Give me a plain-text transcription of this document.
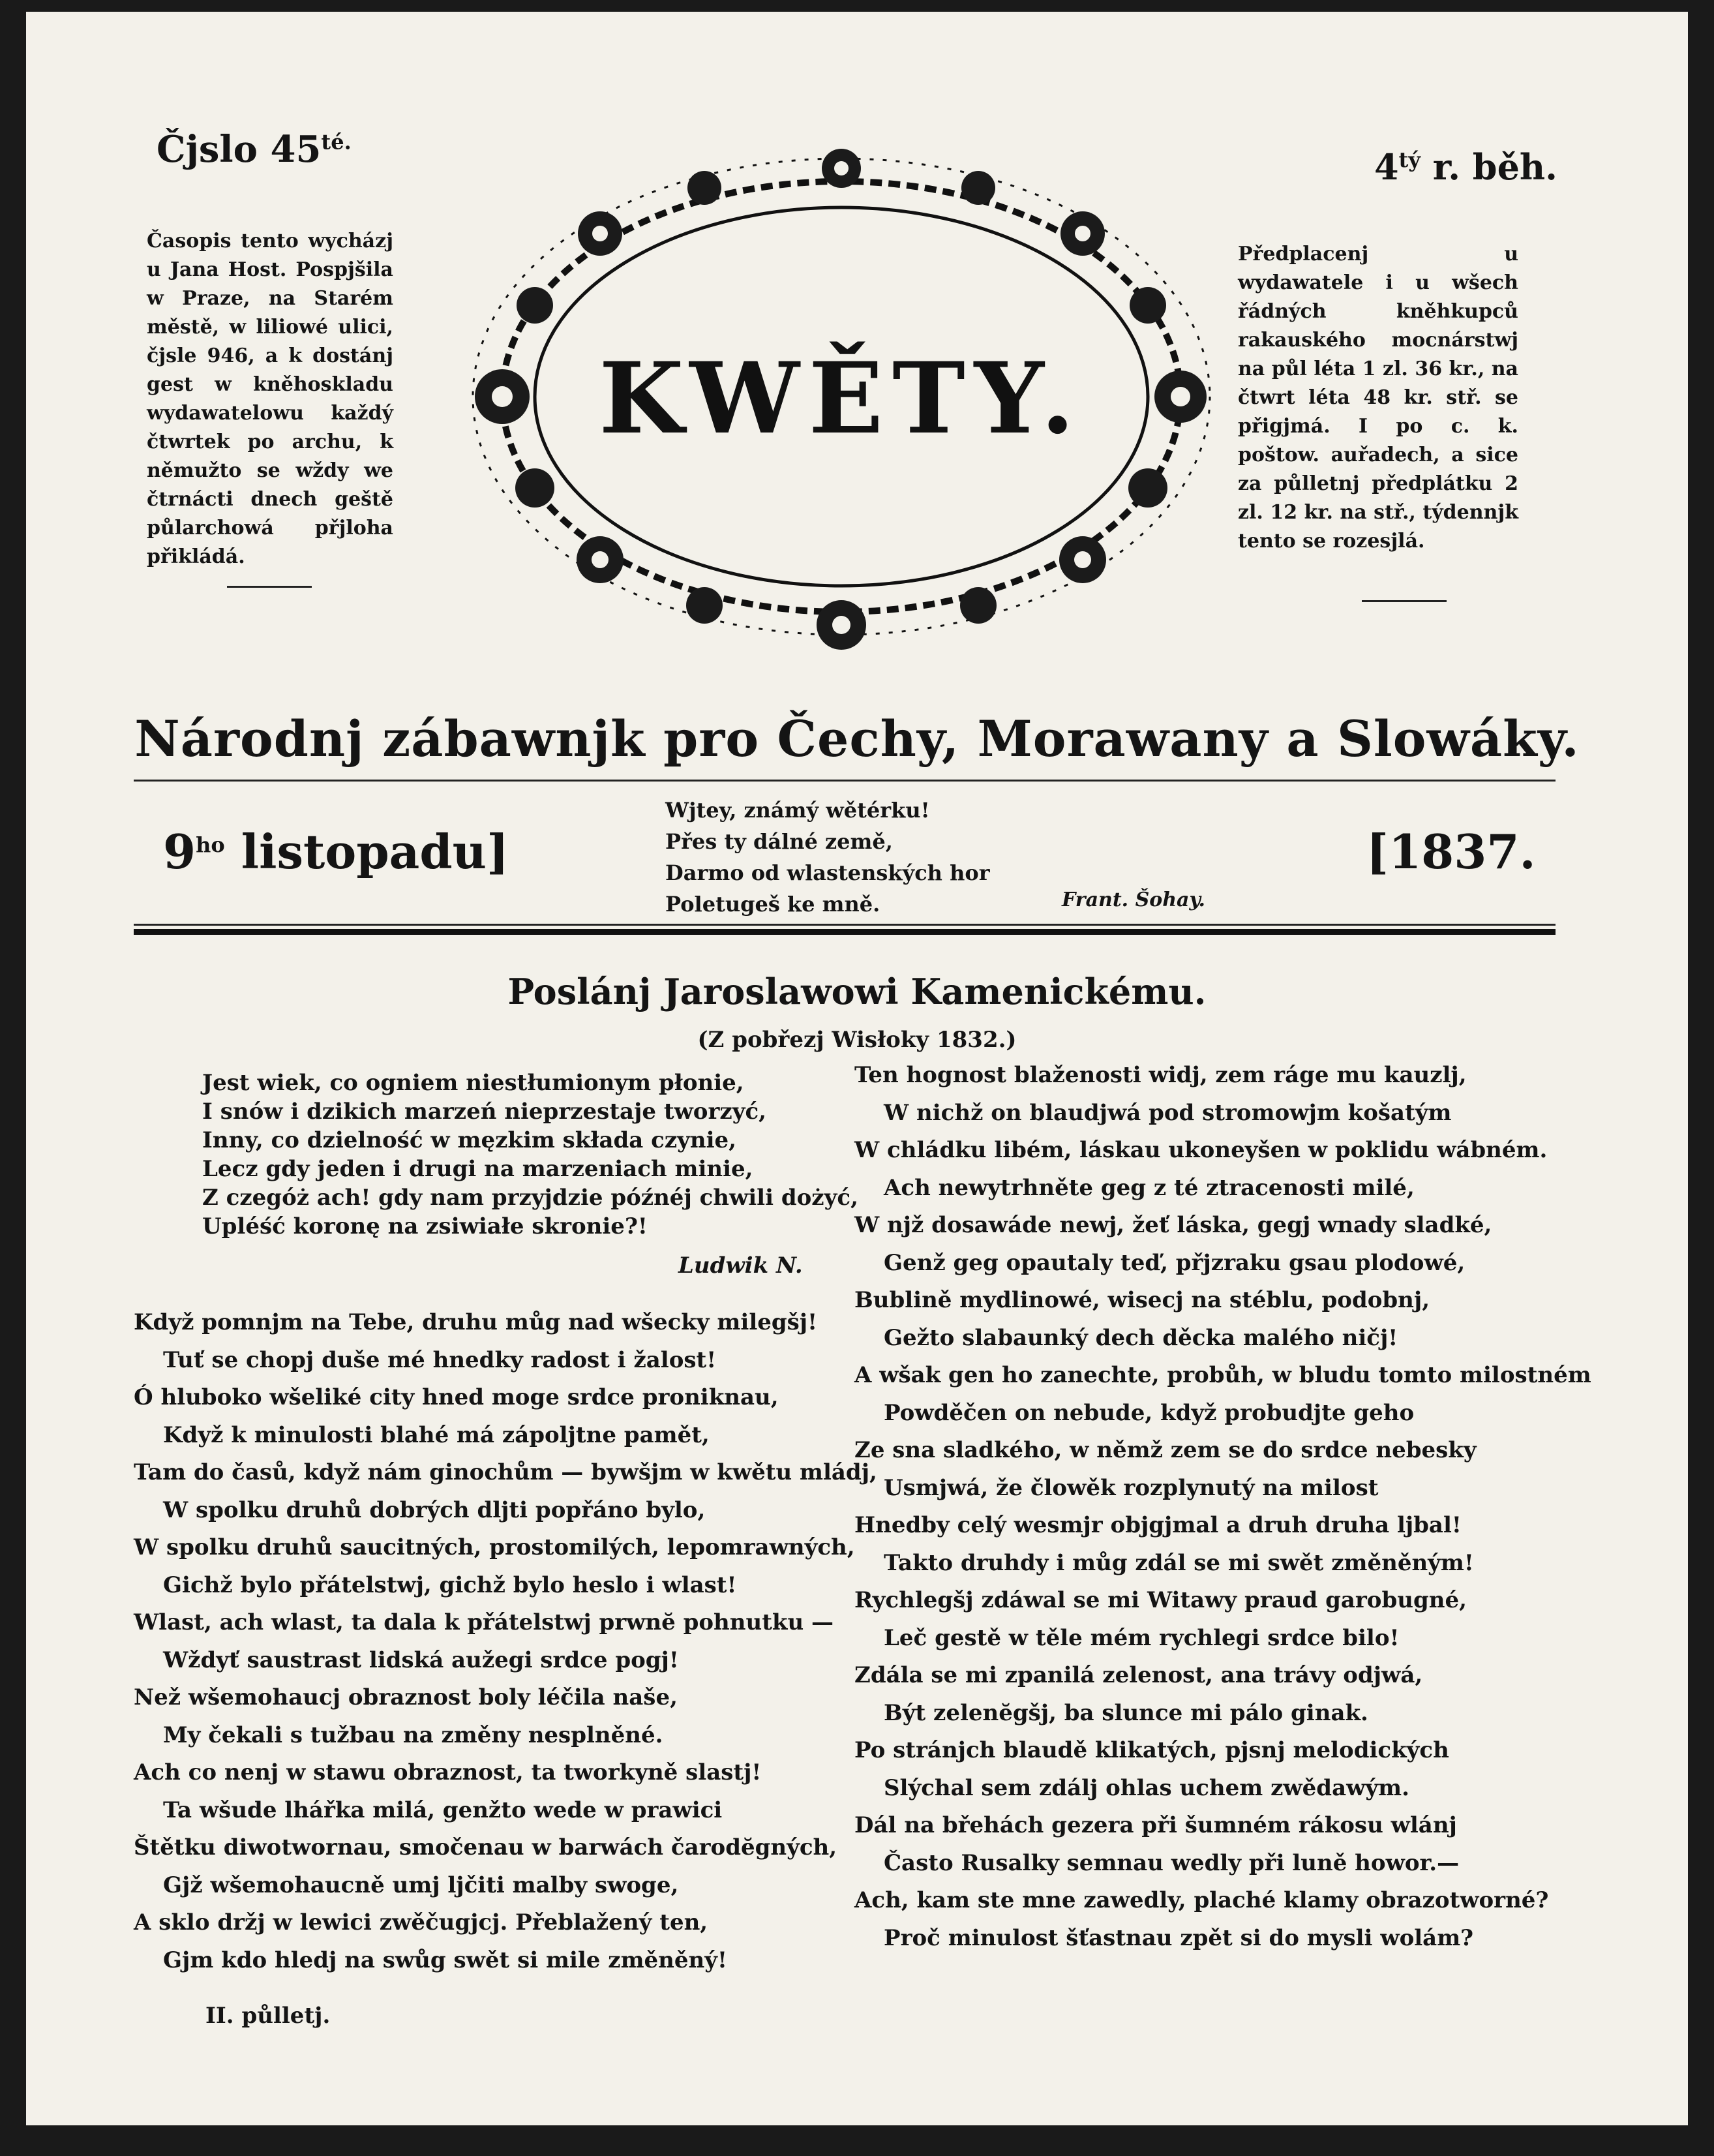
Čjslo $45^{té.}$
$4^{tý}$ r. běh.
Časopis tento wycházj u Jana Host. Pospjšila w Praze, na Starém městě, w liliowé ulici, čjsle 946, a k dostánj gest w kněhoskladu wydawatelowu každý čtwrtek po archu, k němužto se wždy we čtrnácti dnech geště půlarchowá přjloha přikládá.
Předplacenj u wydawatele i u wšech řádných kněhkupců rakauského mocnárstwj na půl léta 1 zl. 36 kr., na čtwrt léta 48 kr. stř. se přigjmá. I po c. k. poštow. auřadech, a sice za půlletnj předplátku 2 zl. 12 kr. na stř., týdennjk tento se rozesjlá.
KWĚTY.
Národnj zábawnjk pro Čechy, Morawany a Slowáky.
$9^{ho}$ listopadu]
Wjtey, známý wětérku!
Přes ty dálné země,
Darmo od wlastenských hor
Poletugeš ke mně.	Frant. Šohay.
[1837.
Poslánj Jaroslawowi Kamenickému.
(Z pobřezj Wisłoky 1832.)
Jest wiek, co ogniem niestłumionym płonie,
I snów i dzikich marzeń nieprzestaje tworzyć,
Inny, co dzielność w męzkim składa czynie,
Lecz gdy jeden i drugi na marzeniach minie,
Z czegóż ach! gdy nam przyjdzie późnéj chwili dożyć,
Upléść koronę na zsiwiałe skronie?!
Ludwik N.
Když pomnjm na Tebe, druhu můg nad wšecky milegšj!
Tuť se chopj duše mé hnedky radost i žalost!
Ó hluboko wšeliké city hned moge srdce proniknau,
Když k minulosti blahé má zápoljtne pamět,
Tam do časů, když nám ginochům — bywšjm w kwětu mládj,
W spolku druhů dobrých dljti popřáno bylo,
W spolku druhů saucitných, prostomilých, lepomrawných,
Gichž bylo přátelstwj, gichž bylo heslo i wlast!
Wlast, ach wlast, ta dala k přátelstwj prwnĕ pohnutku —
Wždyť saustrast lidská aužegi srdce pogj!
Než wšemohaucj obraznost boly léčila naše,
My čekali s tužbau na změny nesplněné.
Ach co nenj w stawu obraznost, ta tworkyně slastj!
Ta wšude lhářka milá, genžto wede w prawici
Štětku diwotwornau, smočenau w barwách čarodĕgných,
Gjž wšemohaucně umj ljčiti malby swoge,
A sklo držj w lewici zwěčugjcj. Přeblažený ten,
Gjm kdo hledj na swůg swět si mile změněný!
Ten hognost blaženosti widj, zem ráge mu kauzlj,
W nichž on blaudjwá pod stromowjm košatým
W chládku libém, láskau ukoneyšen w poklidu wábném.
Ach newytrhněte geg z té ztracenosti milé,
W njž dosawáde newj, žeť láska, gegj wnady sladké,
Genž geg opautaly teď, přjzraku gsau plodowé,
Bublině mydlinowé, wisecj na stéblu, podobnj,
Gežto slabaunký dech děcka malého ničj!
A wšak gen ho zanechte, probůh, w bludu tomto milostném
Powděčen on nebude, když probudjte geho
Ze sna sladkého, w němž zem se do srdce nebesky
Usmjwá, že člowěk rozplynutý na milost
Hnedby celý wesmjr objgjmal a druh druha ljbal!
Takto druhdy i můg zdál se mi swět změněným!
Rychlegšj zdáwal se mi Witawy praud garobugné,
Leč gestě w těle mém rychlegi srdce bilo!
Zdála se mi zpanilá zelenost, ana trávy odjwá,
Být zelenĕgšj, ba slunce mi pálo ginak.
Po stránjch blaudě klikatých, pjsnj melodických
Slýchal sem zdálj ohlas uchem zwědawým.
Dál na břehách gezera při šumném rákosu wlánj
Často Rusalky semnau wedly při luně howor.—
Ach, kam ste mne zawedly, plaché klamy obrazotworné?
Proč minulost šťastnau zpět si do mysli wolám?
II. půlletj.
